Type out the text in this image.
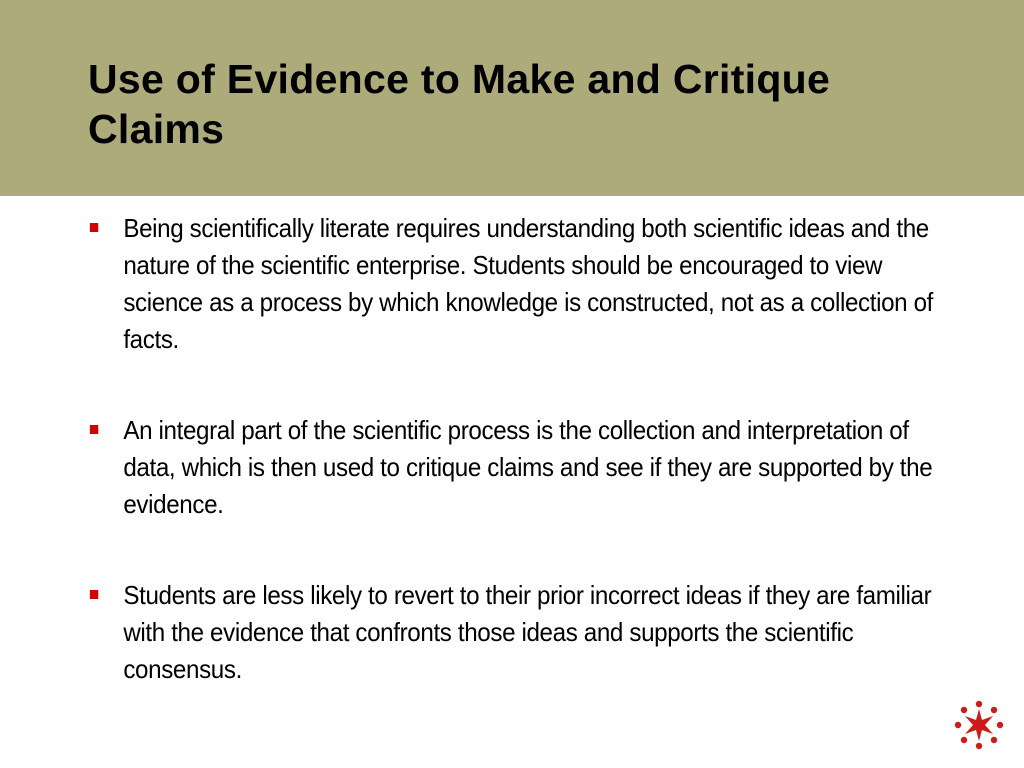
Use of Evidence to Make and Critique Claims
Being scientifically literate requires understanding both scientific ideas and the nature of the scientific enterprise. Students should be encouraged to view science as a process by which knowledge is constructed, not as a collection of facts.
An integral part of the scientific process is the collection and interpretation of data, which is then used to critique claims and see if they are supported by the evidence.
Students are less likely to revert to their prior incorrect ideas if they are familiar with the evidence that confronts those ideas and supports the scientific consensus.
